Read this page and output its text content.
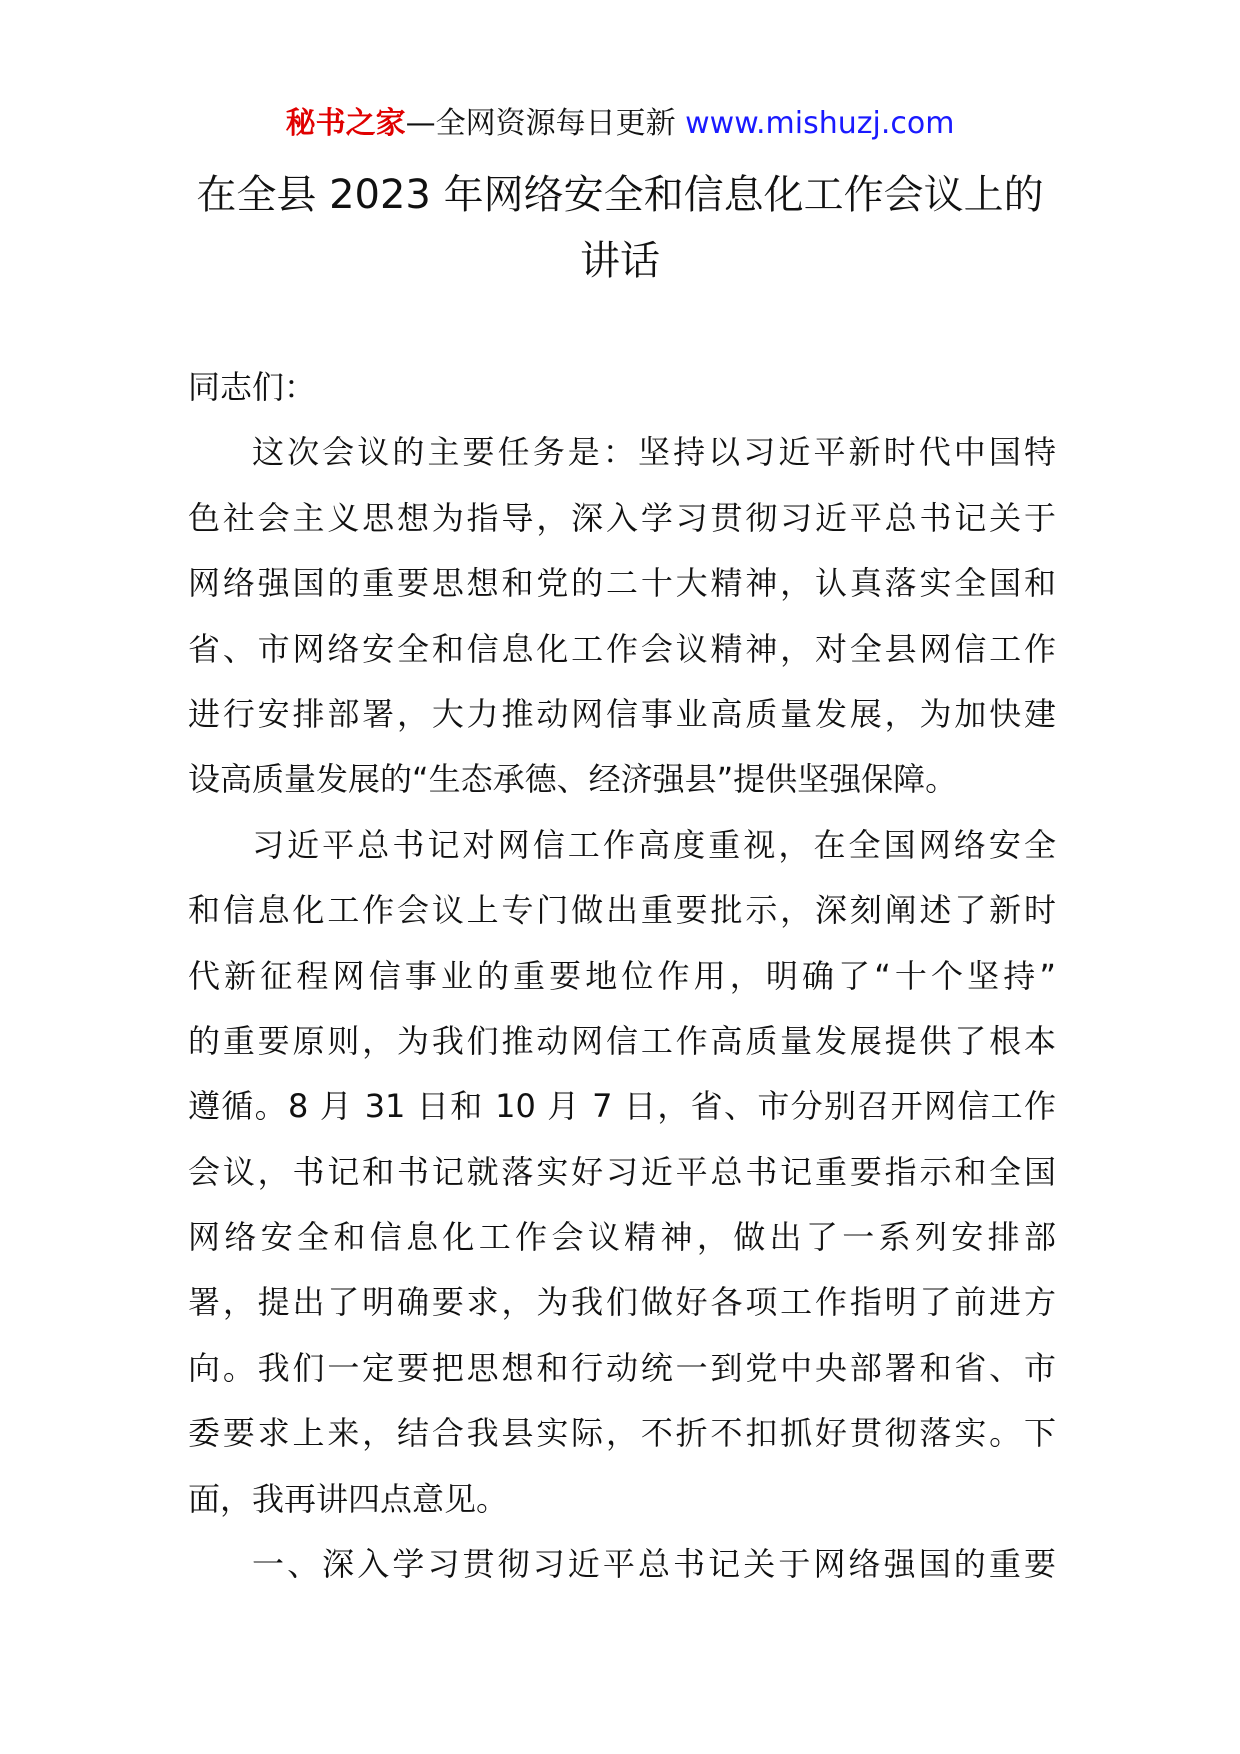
秘书之家—全网资源每日更新 www.mishuzj.com
在全县 2023 年网络安全和信息化工作会议上的
讲话
同志们：
这次会议的主要任务是：坚持以习近平新时代中国特
色社会主义思想为指导，深入学习贯彻习近平总书记关于
网络强国的重要思想和党的二十大精神，认真落实全国和
省、市网络安全和信息化工作会议精神，对全县网信工作
进行安排部署，大力推动网信事业高质量发展，为加快建
设高质量发展的“生态承德、经济强县”提供坚强保障。
习近平总书记对网信工作高度重视，在全国网络安全
和信息化工作会议上专门做出重要批示，深刻阐述了新时
代新征程网信事业的重要地位作用，明确了“十个坚持”
的重要原则，为我们推动网信工作高质量发展提供了根本
遵循。8 月 31 日和 10 月 7 日，省、市分别召开网信工作
会议，书记和书记就落实好习近平总书记重要指示和全国
网络安全和信息化工作会议精神，做出了一系列安排部
署，提出了明确要求，为我们做好各项工作指明了前进方
向。我们一定要把思想和行动统一到党中央部署和省、市
委要求上来，结合我县实际，不折不扣抓好贯彻落实。下
面，我再讲四点意见。
一、深入学习贯彻习近平总书记关于网络强国的重要
